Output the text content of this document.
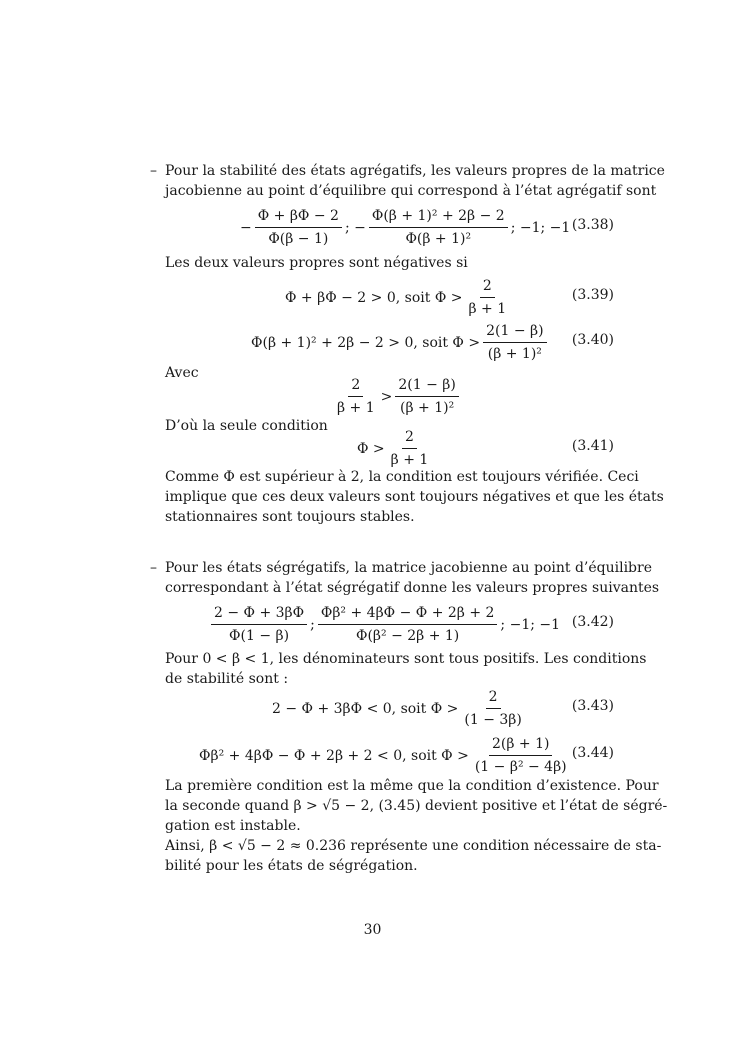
– Pour la stabilité des états agrégatifs, les valeurs propres de la matrice
jacobienne au point d’équilibre qui correspond à l’état agrégatif sont
− $\frac{\Phi + \beta\Phi - 2}{\Phi(\beta - 1)}$ ; − $\frac{\text{Φ(β + 1)² + 2β − 2}}{\text{Φ(β + 1)²}}$ ; −1; −1 (3.38)
Les deux valeurs propres sont négatives si
Φ + βΦ − 2 > 0, soit $\Phi > \frac{2}{\beta + 1}$	(3.39)
Φ(β + 1)² + 2β − 2 > 0, soit $\Phi > \frac{2(1 - \beta)}{\text{(β + 1)²}} (3.40)$
Avec
$\frac{2}{\beta + 1} > \frac{2(1 - \beta)}{\text{(β + 1)²}}$
D’où la seule condition
$\Phi > \frac{2}{\beta + 1}$	(3.41)
Comme Φ est supérieur à 2, la condition est toujours vérifiée. Ceci
implique que ces deux valeurs sont toujours négatives et que les états
stationnaires sont toujours stables.
– Pour les états ségrégatifs, la matrice jacobienne au point d’équilibre
correspondant à l’état ségrégatif donne les valeurs propres suivantes
$\frac{2 - \Phi + 3\beta\Phi}{\Phi(1 - \beta)}$ ; $\frac{\text{Φβ² + 4βΦ − Φ + 2β + 2}}{\text{Φ(β² − 2β + 1)}}$ ; −1; −1 (3.42)
Pour 0 < β < 1, les dénominateurs sont tous positifs. Les conditions
de stabilité sont :
2 − Φ + 3βΦ < 0, soit $\Phi > \frac{2}{(1 - 3\beta)}$	(3.43)
Φβ² + 4βΦ − Φ + 2β + 2 < 0, soit $\Phi > \frac{2(\beta + 1)}{\text{(1 − β² − 4β)}} (3.44)$
La première condition est la même que la condition d’existence. Pour
la seconde quand β > √5 − 2, (3.45) devient positive et l’état de ségré-
gation est instable.
Ainsi, β < √5 − 2 ≈ 0.236 représente une condition nécessaire de sta-
bilité pour les états de ségrégation.
30
